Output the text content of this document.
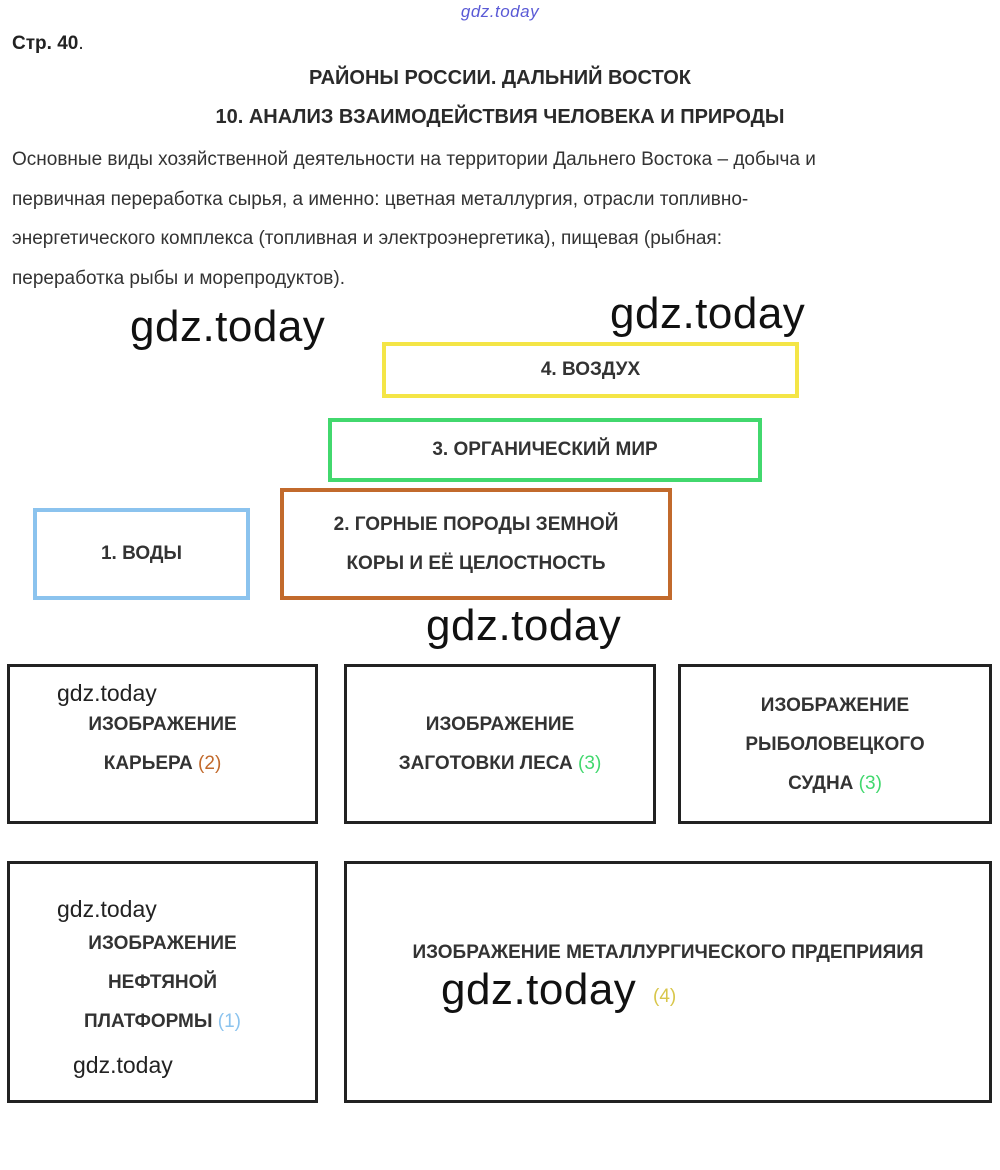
gdz.today
Стр. 40.
РАЙОНЫ РОССИИ. ДАЛЬНИЙ ВОСТОК
10. АНАЛИЗ ВЗАИМОДЕЙСТВИЯ ЧЕЛОВЕКА И ПРИРОДЫ
Основные виды хозяйственной деятельности на территории Дальнего Востока – добыча и
первичная переработка сырья, а именно: цветная металлургия, отрасли топливно-
энергетического комплекса (топливная и электроэнергетика), пищевая (рыбная:
переработка рыбы и морепродуктов).
gdz.today	gdz.today
4. ВОЗДУХ
3. ОРГАНИЧЕСКИЙ МИР
2. ГОРНЫЕ ПОРОДЫ ЗЕМНОЙ
КОРЫ И ЕЁ ЦЕЛОСТНОСТЬ
1. ВОДЫ
gdz.today
ИЗОБРАЖЕНИЕ
КАРЬЕРА (2)
gdz.today
ИЗОБРАЖЕНИЕ
ЗАГОТОВКИ ЛЕСА (3)
ИЗОБРАЖЕНИЕ
РЫБОЛОВЕЦКОГО
СУДНА (3)
ИЗОБРАЖЕНИЕ
НЕФТЯНОЙ
ПЛАТФОРМЫ (1)
gdz.today
gdz.today
ИЗОБРАЖЕНИЕ МЕТАЛЛУРГИЧЕСКОГО ПРДЕПРИЯИЯ
(4)
gdz.today
